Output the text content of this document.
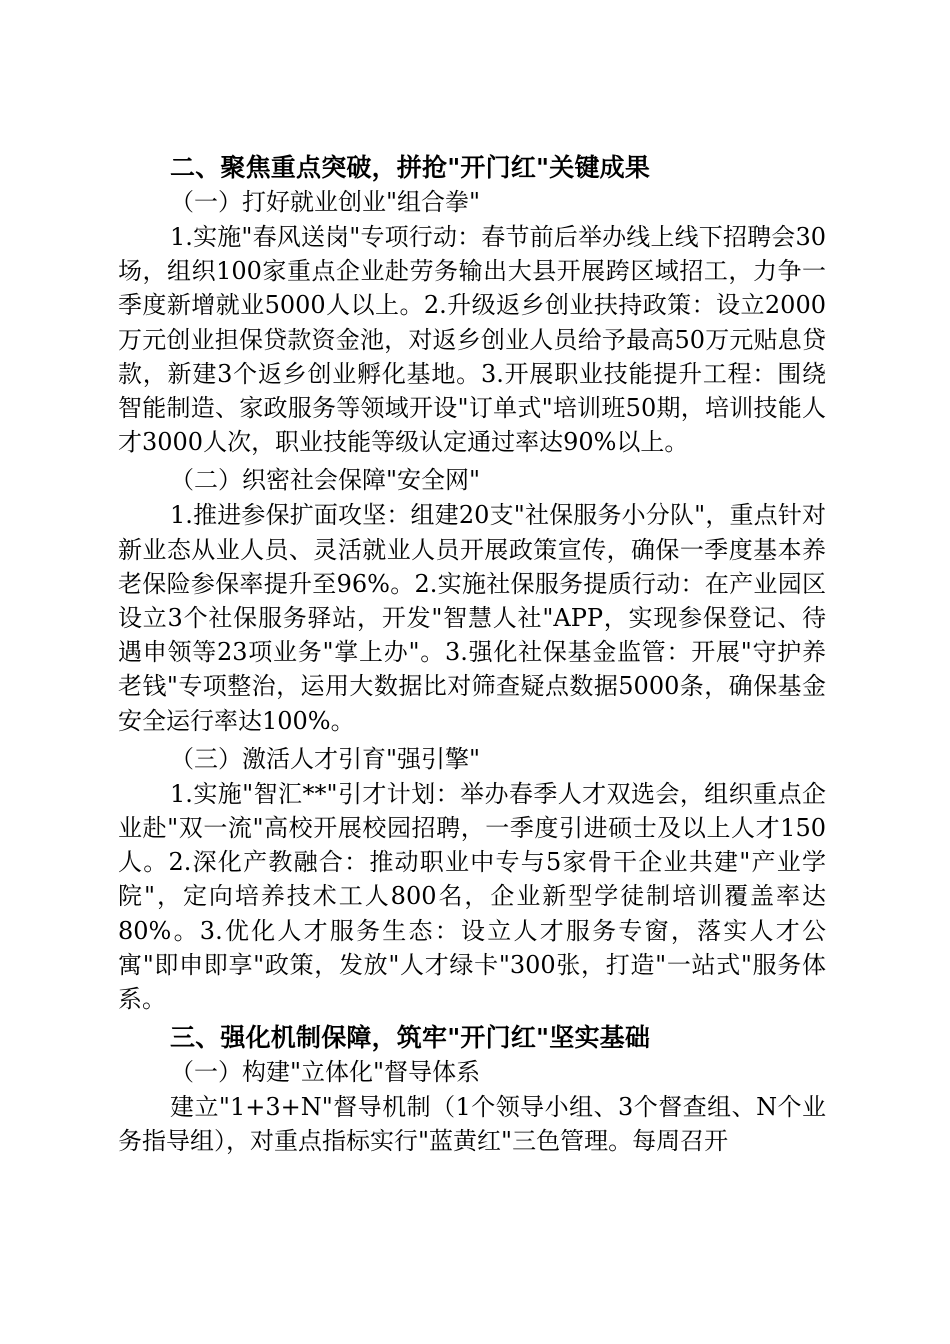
二、聚焦重点突破，拼抢"开门红"关键成果
（一）打好就业创业"组合拳"

1.实施"春风送岗"专项行动：春节前后举办线上线下招聘会30场，组织100家重点企业赴劳务输出大县开展跨区域招工，力争一季度新增就业5000人以上。2.升级返乡创业扶持政策：设立2000万元创业担保贷款资金池，对返乡创业人员给予最高50万元贴息贷款，新建3个返乡创业孵化基地。3.开展职业技能提升工程：围绕智能制造、家政服务等领域开设"订单式"培训班50期，培训技能人才3000人次，职业技能等级认定通过率达90%以上。

（二）织密社会保障"安全网"

1.推进参保扩面攻坚：组建20支"社保服务小分队"，重点针对新业态从业人员、灵活就业人员开展政策宣传，确保一季度基本养老保险参保率提升至96%。2.实施社保服务提质行动：在产业园区设立3个社保服务驿站，开发"智慧人社"APP，实现参保登记、待遇申领等23项业务"掌上办"。3.强化社保基金监管：开展"守护养老钱"专项整治，运用大数据比对筛查疑点数据5000条，确保基金安全运行率达100%。

（三）激活人才引育"强引擎"

1.实施"智汇**"引才计划：举办春季人才双选会，组织重点企业赴"双一流"高校开展校园招聘，一季度引进硕士及以上人才150人。2.深化产教融合：推动职业中专与5家骨干企业共建"产业学院"，定向培养技术工人800名，企业新型学徒制培训覆盖率达80%。3.优化人才服务生态：设立人才服务专窗，落实人才公寓"即申即享"政策，发放"人才绿卡"300张，打造"一站式"服务体系。

三、强化机制保障，筑牢"开门红"坚实基础
（一）构建"立体化"督导体系

建立"1+3+N"督导机制（1个领导小组、3个督查组、N个业务指导组），对重点指标实行"蓝黄红"三色管理。每周召开
